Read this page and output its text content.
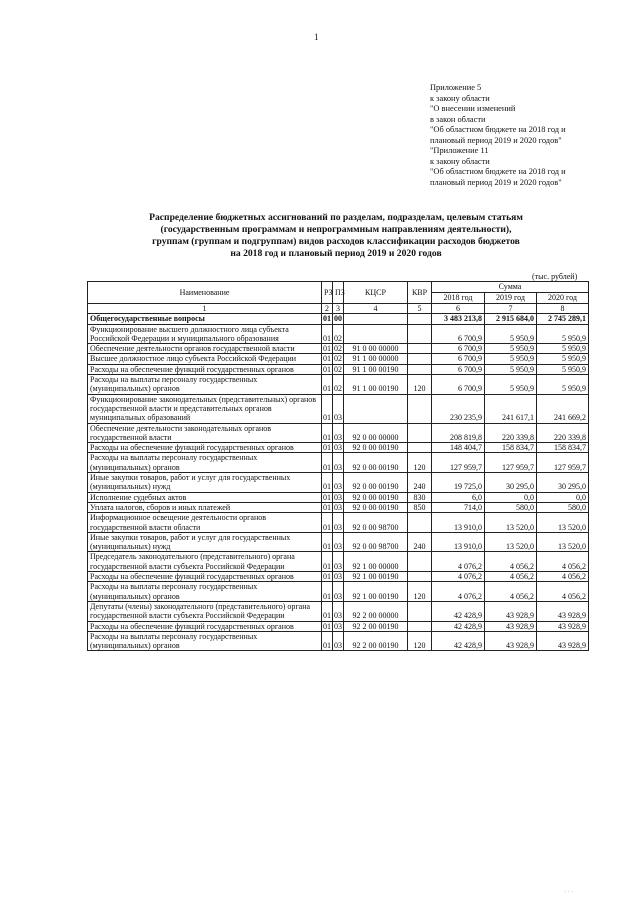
1
Приложение 5
к закону области
"О внесении изменений
в закон области
"Об областном бюджете на 2018 год и
плановый период 2019 и 2020 годов"
"Приложение 11
к закону области
"Об областном бюджете на 2018 год и
плановый период 2019 и 2020 годов"
Распределение бюджетных ассигнований по разделам, подразделам, целевым статьям
(государственным программам и непрограммным направлениям деятельности),
группам (группам и подгруппам) видов расходов классификации расходов бюджетов
на 2018 год и плановый период 2019 и 2020 годов
(тыс. рублей)
Наименование	РЗ	ПЗ	КЦСР	КВР	Сумма		
					2018 год	2019 год	2020 год
1	2	3	4	5	6	7	8
Общегосударственные вопросы	01	00			3 483 213,8	2 915 684,0	2 745 289,1
Функционирование высшего должностного лица субъекта Российской Федерации и муниципального образования	01	02			6 700,9	5 950,9	5 950,9
Обеспечение деятельности органов государственной власти	01	02	91 0 00 00000		6 700,9	5 950,9	5 950,9
Высшее должностное лицо субъекта Российской Федерации	01	02	91 1 00 00000		6 700,9	5 950,9	5 950,9
Расходы на обеспечение функций государственных органов	01	02	91 1 00 00190		6 700,9	5 950,9	5 950,9
Расходы на выплаты персоналу государственных (муниципальных) органов	01	02	91 1 00 00190	120	6 700,9	5 950,9	5 950,9
Функционирование законодательных (представительных) органов государственной власти и представительных органов муниципальных образований	01	03			230 235,9	241 617,1	241 669,2
Обеспечение деятельности законодательных органов государственной власти	01	03	92 0 00 00000		208 819,8	220 339,8	220 339,8
Расходы на обеспечение функций государственных органов	01	03	92 0 00 00190		148 404,7	158 834,7	158 834,7
Расходы на выплаты персоналу государственных (муниципальных) органов	01	03	92 0 00 00190	120	127 959,7	127 959,7	127 959,7
Иные закупки товаров, работ и услуг для государственных (муниципальных) нужд	01	03	92 0 00 00190	240	19 725,0	30 295,0	30 295,0
Исполнение судебных актов	01	03	92 0 00 00190	830	6,0	0,0	0,0
Уплата налогов, сборов и иных платежей	01	03	92 0 00 00190	850	714,0	580,0	580,0
Информационное освещение деятельности органов государственной власти области	01	03	92 0 00 98700		13 910,0	13 520,0	13 520,0
Иные закупки товаров, работ и услуг для государственных (муниципальных) нужд	01	03	92 0 00 98700	240	13 910,0	13 520,0	13 520,0
Председатель законодательного (представительного) органа государственной власти субъекта Российской Федерации	01	03	92 1 00 00000		4 076,2	4 056,2	4 056,2
Расходы на обеспечение функций государственных органов	01	03	92 1 00 00190		4 076,2	4 056,2	4 056,2
Расходы на выплаты персоналу государственных (муниципальных) органов	01	03	92 1 00 00190	120	4 076,2	4 056,2	4 056,2
Депутаты (члены) законодательного (представительного) органа государственной власти субъекта Российской Федерации	01	03	92 2 00 00000		42 428,9	43 928,9	43 928,9
Расходы на обеспечение функций государственных органов	01	03	92 2 00 00190		42 428,9	43 928,9	43 928,9
Расходы на выплаты персоналу государственных (муниципальных) органов	01	03	92 2 00 00190	120	42 428,9	43 928,9	43 928,9
· · ·
